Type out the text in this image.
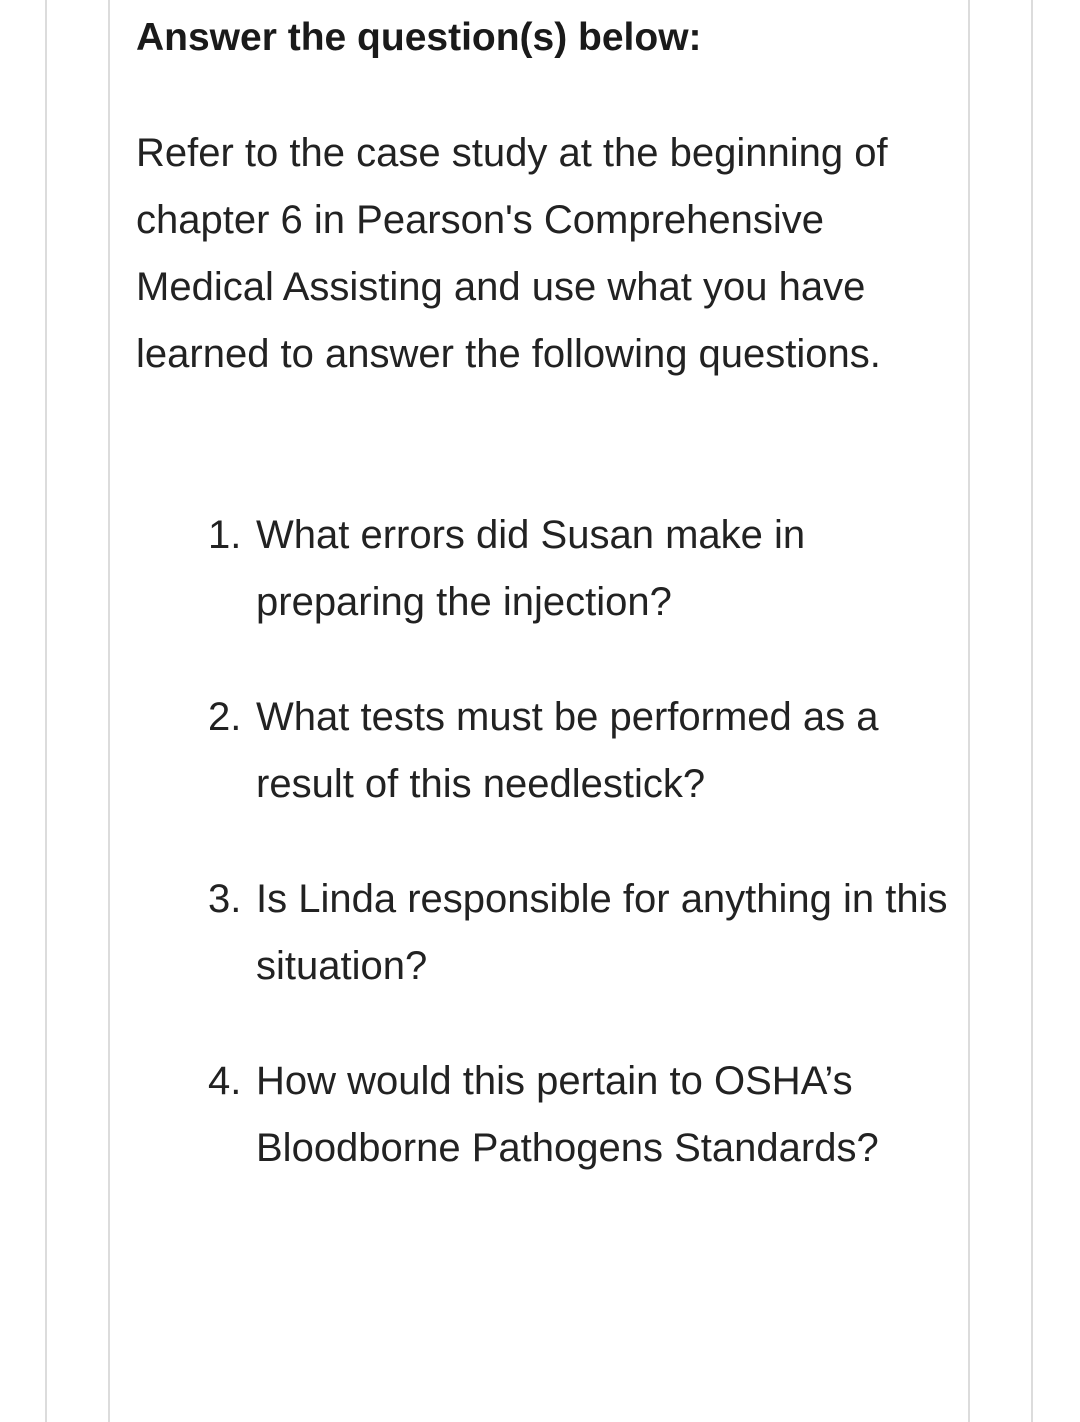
Answer the question(s) below:
Refer to the case study at the beginning of chapter 6 in Pearson's Comprehensive Medical Assisting and use what you have learned to answer the following questions.
1. What errors did Susan make in preparing the injection?
2. What tests must be performed as a result of this needlestick?
3. Is Linda responsible for anything in this situation?
4. How would this pertain to OSHA’s Bloodborne Pathogens Standards?
